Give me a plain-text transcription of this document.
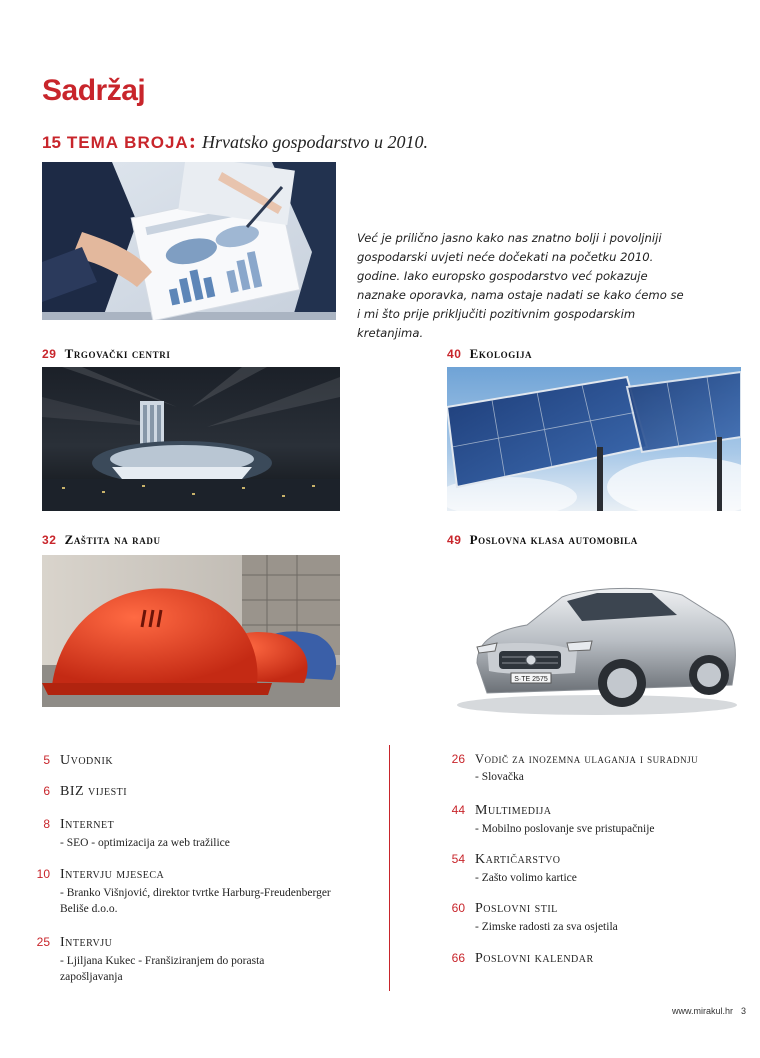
Sadržaj
15 TEMA BROJA: Hrvatsko gospodarstvo u 2010.
Već je prilično jasno kako nas znatno bolji i povoljniji gospodarski uvjeti neće dočekati na početku 2010. godine. Iako europsko gospodarstvo već pokazuje naznake oporavka, nama ostaje nadati se kako ćemo se i mi što prije priključiti pozitivnim gospodarskim kretanjima.
29 Trgovački centri	40 Ekologija
32 Zaštita na radu	49 Poslovna klasa automobila
S·TE 2575
5 Uvodnik
6 BIZ vijesti
8 Internet
- SEO - optimizacija za web tražilice
10 Intervju mjeseca
- Branko Višnjović, direktor tvrtke Harburg-Freudenberger Beliše d.o.o.
25 Intervju
- Ljiljana Kukec - Franšiziranjem do porasta zapošljavanja
26 Vodič za inozemna ulaganja i suradnju
- Slovačka
44 Multimedija
- Mobilno poslovanje sve pristupačnije
54 Kartičarstvo
- Zašto volimo kartice
60 Poslovni stil
- Zimske radosti za sva osjetila
66 Poslovni kalendar
www.mirakul.hr 3
